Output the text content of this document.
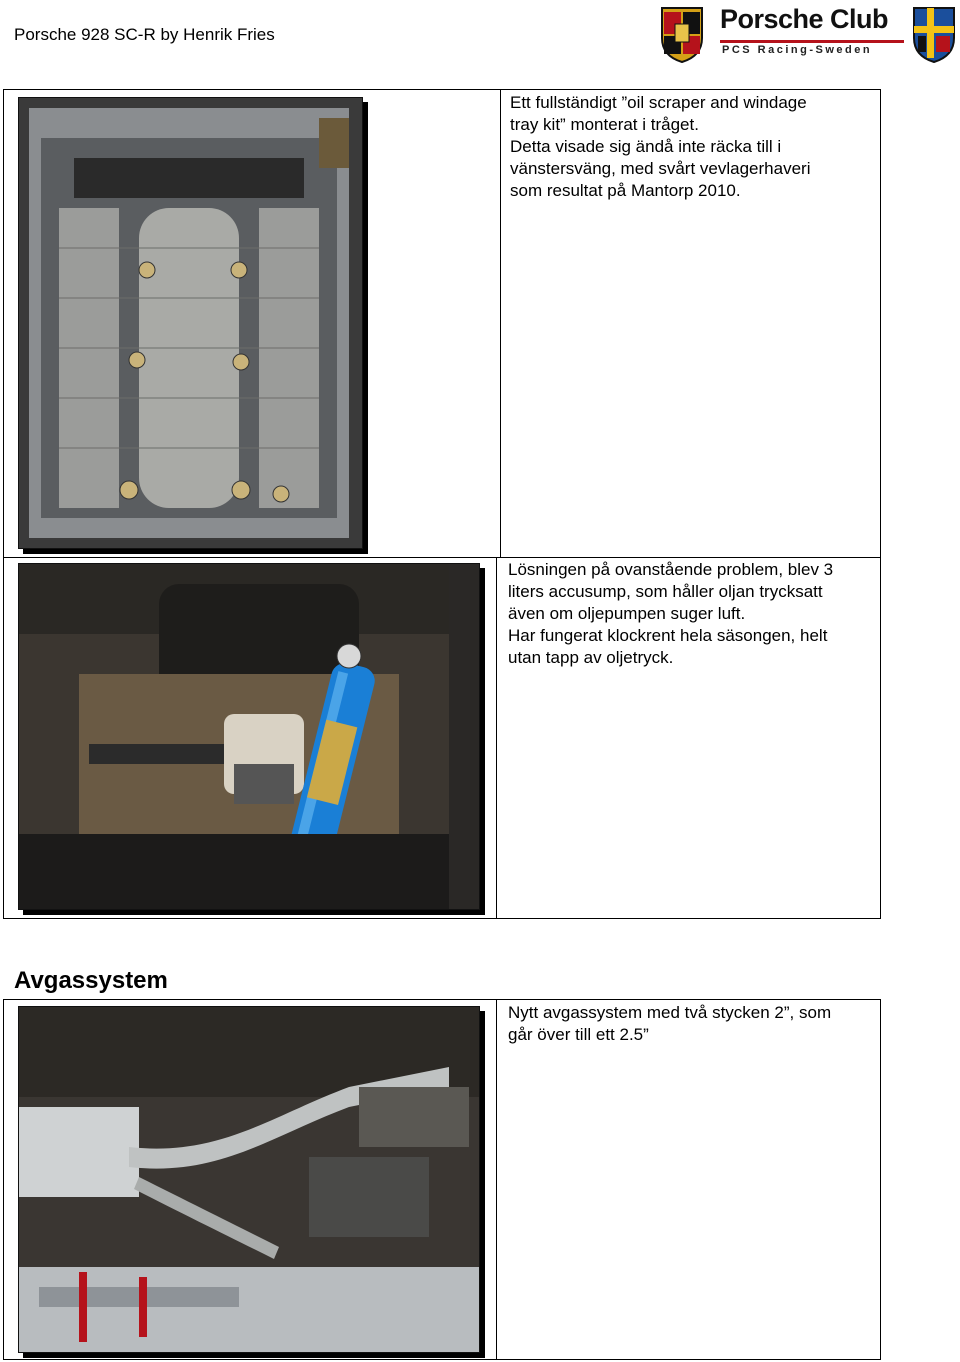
Porsche 928 SC-R by Henrik Fries
Porsche Club
PCS Racing-Sweden
Ett fullständigt ”oil scraper and windage
tray kit” monterat i tråget.
Detta visade sig ändå inte räcka till i
vänstersväng, med svårt vevlagerhaveri
som resultat på Mantorp 2010.
Lösningen på ovanstående problem, blev 3
liters accusump, som håller oljan trycksatt
även om oljepumpen suger luft.
Har fungerat klockrent hela säsongen, helt
utan tapp av oljetryck.
Avgassystem
Nytt avgassystem med två stycken 2”, som
går över till ett 2.5”
